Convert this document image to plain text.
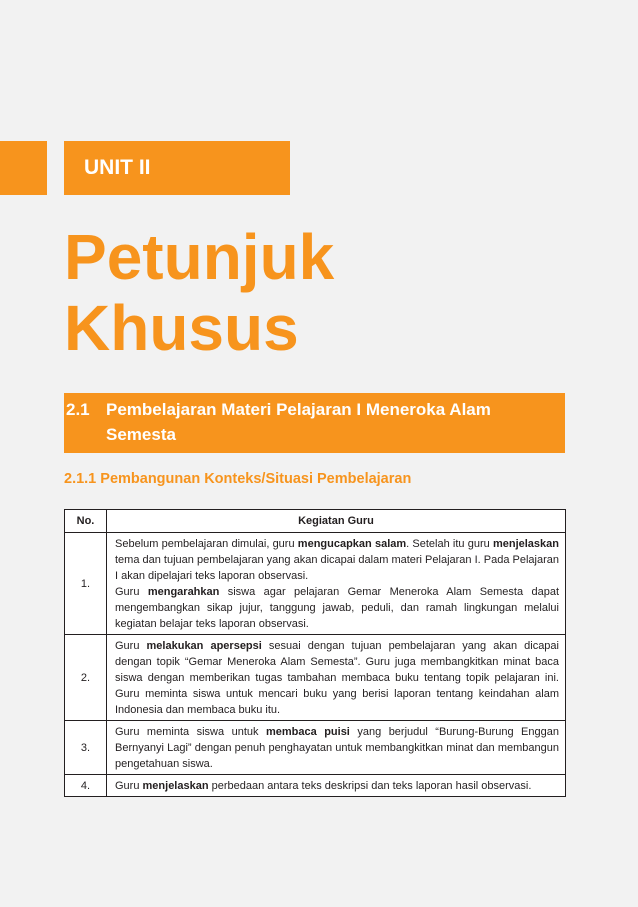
UNIT II
Petunjuk
Khusus
2.1 Pembelajaran Materi Pelajaran I Meneroka Alam Semesta
2.1.1 Pembangunan Konteks/Situasi Pembelajaran
No.	Kegiatan Guru
1.	Sebelum pembelajaran dimulai, guru mengucapkan salam. Setelah itu guru menjelaskan tema dan tujuan pembelajaran yang akan dicapai dalam materi Pelajaran I. Pada Pelajaran I akan dipelajari teks laporan observasi.

Guru mengarahkan siswa agar pelajaran Gemar Meneroka Alam Semesta dapat mengembangkan sikap jujur, tanggung jawab, peduli, dan ramah lingkungan melalui kegiatan belajar teks laporan observasi.

2.	Guru melakukan apersepsi sesuai dengan tujuan pembelajaran yang akan dicapai dengan topik “Gemar Meneroka Alam Semesta”. Guru juga membangkitkan minat baca siswa dengan memberikan tugas tambahan membaca buku tentang topik pelajaran ini. Guru meminta siswa untuk mencari buku yang berisi laporan tentang keindahan alam Indonesia dan membaca buku itu.

3.	Guru meminta siswa untuk membaca puisi yang berjudul “Burung-Burung Enggan Bernyanyi Lagi” dengan penuh penghayatan untuk membangkitkan minat dan membangun pengetahuan siswa.

4.	Guru menjelaskan perbedaan antara teks deskripsi dan teks laporan hasil observasi.
